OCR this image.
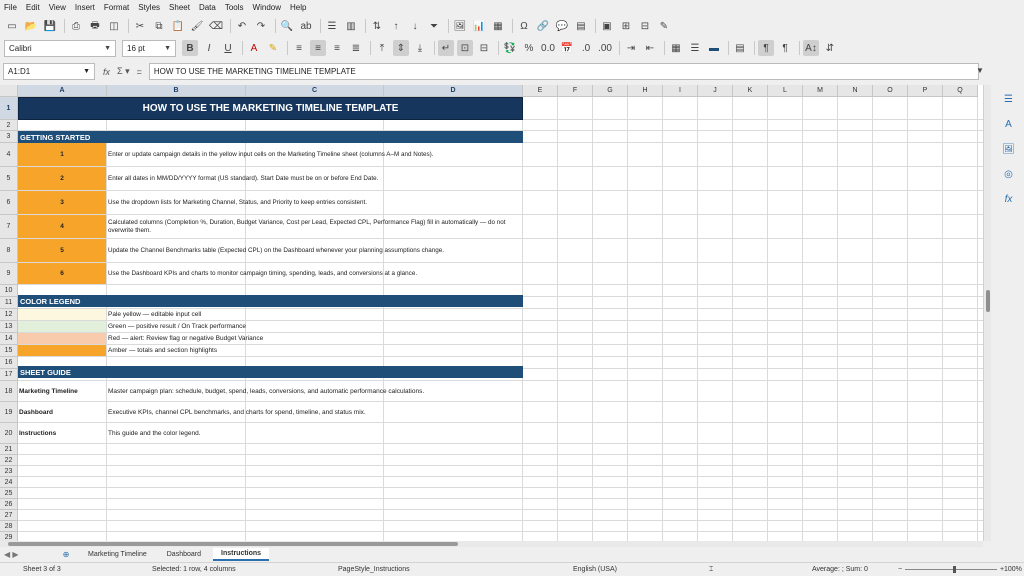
File Edit View Insert Format Styles Sheet Data Tools Window Help
▭ 📂 💾	⎙	🖶 ◫	✂	⧉ 📋 🖌 ⌫	↶	↷	🔍 ab	☰ ▥	⇅	↑	↓	⏷	🖼 📊 ▦	Ω 🔗 💬 ▤	▣	⊞	⊟	✎
Calibri	▼ 16 pt	▼ B I U	A	✎	≡	≡	≡	≣	⤒	⇕	⤓	↵	⊡	⊟	💱 % 0.0 📅 .0 .00	⇥	⇤	▦ ☰ ▬	▤	¶	¶	A↕ ⇵
A1:D1	▼ fx Σ ▾ = HOW TO USE THE MARKETING TIMELINE TEMPLATE	▼
A	B	C	D	E	F	G	H	I	J	K	L	M	N	O	P	Q
1
2
3
4
5
6
7
8
9
10
11
12
13
14
15
16
17
18
19
20
21
22
23
24
25
26
27
28
29
HOW TO USE THE MARKETING TIMELINE TEMPLATE
GETTING STARTED
1	Enter or update campaign details in the yellow input cells on the Marketing Timeline sheet (columns A–M and Notes).
2	Enter all dates in MM/DD/YYYY format (US standard). Start Date must be on or before End Date.
3	Use the dropdown lists for Marketing Channel, Status, and Priority to keep entries consistent.
4
Calculated columns (Completion %, Duration, Budget Variance, Cost per Lead, Expected CPL, Performance Flag) fill in automatically — do not overwrite them.
5	Update the Channel Benchmarks table (Expected CPL) on the Dashboard whenever your planning assumptions change.
6	Use the Dashboard KPIs and charts to monitor campaign timing, spending, leads, and conversions at a glance.
COLOR LEGEND
Pale yellow — editable input cell
Green — positive result / On Track performance
Red — alert: Review flag or negative Budget Variance
Amber — totals and section highlights
SHEET GUIDE
Marketing Timeline	Master campaign plan: schedule, budget, spend, leads, conversions, and automatic performance calculations.
Dashboard	Executive KPIs, channel CPL benchmarks, and charts for spend, timeline, and status mix.
Instructions	This guide and the color legend.
☰
A
🖼
◎
fx
◀ ▶	⊕	Marketing Timeline	Dashboard	Instructions
Sheet 3 of 3	Selected: 1 row, 4 columns	PageStyle_Instructions	English (USA)	⌶	Average: ; Sum: 0	−	+ 100%
